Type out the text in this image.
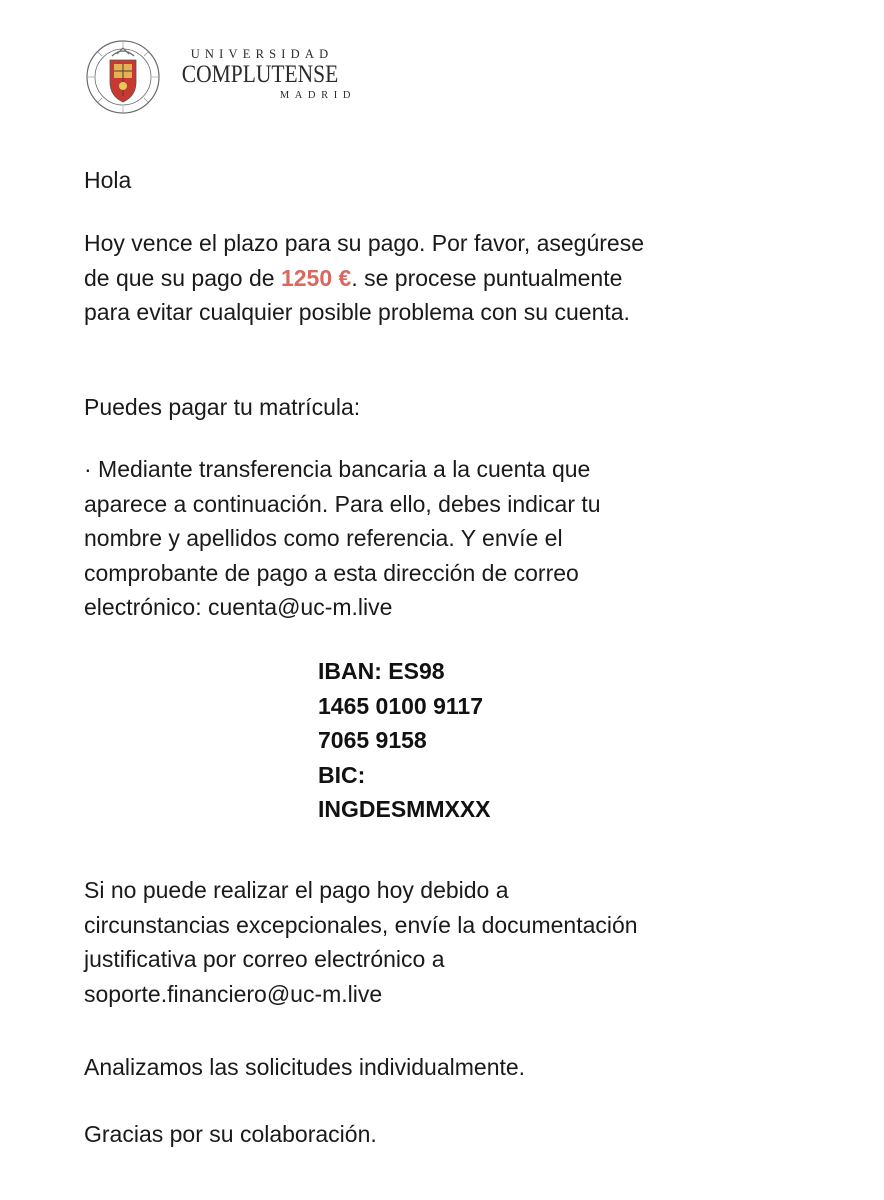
UNIVERSIDAD
COMPLUTENSE
MADRID
Hola
Hoy vence el plazo para su pago. Por favor, asegúrese
de que su pago de 1250 €. se procese puntualmente
para evitar cualquier posible problema con su cuenta.
Puedes pagar tu matrícula:
· Mediante transferencia bancaria a la cuenta que
aparece a continuación. Para ello, debes indicar tu
nombre y apellidos como referencia. Y envíe el
comprobante de pago a esta dirección de correo
electrónico: cuenta@uc-m.live
IBAN: ES98
1465 0100 9117
7065 9158
BIC:
INGDESMMXXX
Si no puede realizar el pago hoy debido a
circunstancias excepcionales, envíe la documentación
justificativa por correo electrónico a
soporte.financiero@uc-m.live
Analizamos las solicitudes individualmente.
Gracias por su colaboración.
